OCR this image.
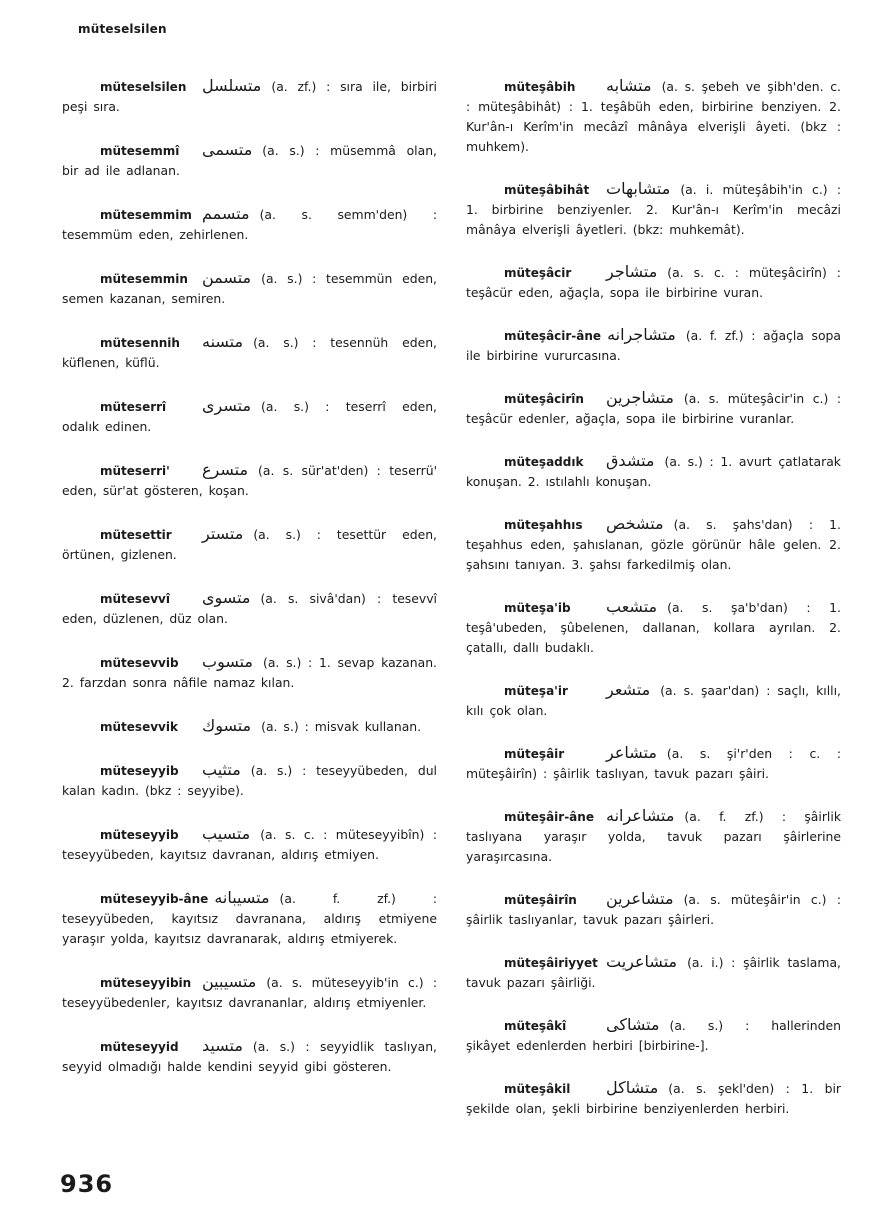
müteselsilen

müteselsilen متسلسل (a. zf.) : sıra ile, birbiri peşi sıra.

mütesemmî متسمى (a. s.) : müsemmâ olan, bir ad ile adlanan.

mütesemmim متسمم (a. s. semm'den) : tesemmüm eden, zehirlenen.

mütesemmin متسمن (a. s.) : tesemmün eden, semen kazanan, semiren.

mütesennih متسنه (a. s.) : tesennüh eden, küflenen, küflü.

müteserrî متسرى (a. s.) : teserrî eden, odalık edinen.

müteserri' متسرع (a. s. sür'at'den) : teserrü' eden, sür'at gösteren, koşan.

mütesettir متستر (a. s.) : tesettür eden, örtünen, gizlenen.

mütesevvî متسوى (a. s. sivâ'dan) : tesevvî eden, düzlenen, düz olan.

mütesevvib متسوب (a. s.) : 1. sevap kazanan. 2. farzdan sonra nâfile namaz kılan.

mütesevvik متسوك (a. s.) : misvak kullanan.

müteseyyib متثيب (a. s.) : teseyyübeden, dul kalan kadın. (bkz : seyyibe).

müteseyyib متسيب (a. s. c. : müteseyyibîn) : teseyyübeden, kayıtsız davranan, aldırış etmiyen.

müteseyyib-âne متسيبانه (a. f. zf.) : teseyyübeden, kayıtsız davranana, aldırış etmiyene yaraşır yolda, kayıtsız davranarak, aldırış etmiyerek.

müteseyyibin متسيبين (a. s. müteseyyib'in c.) : teseyyübedenler, kayıtsız davrananlar, aldırış etmiyenler.

müteseyyid متسيد (a. s.) : seyyidlik taslıyan, seyyid olmadığı halde kendini seyyid gibi gösteren.

müteşâbih متشابه (a. s. şebeh ve şibh'den. c. : müteşâbihât) : 1. teşâbüh eden, birbirine benziyen. 2. Kur'ân-ı Kerîm'in mecâzî mânâya elverişli âyeti. (bkz : muhkem).

müteşâbihât متشابهات (a. i. müteşâbih'in c.) : 1. birbirine benziyenler. 2. Kur'ân-ı Kerîm'in mecâzi mânâya elverişli âyetleri. (bkz: muhkemât).

müteşâcir متشاجر (a. s. c. : müteşâcirîn) : teşâcür eden, ağaçla, sopa ile birbirine vuran.

müteşâcir-âne متشاجرانه (a. f. zf.) : ağaçla sopa ile birbirine vururcasına.

müteşâcirîn متشاجرين (a. s. müteşâcir'in c.) : teşâcür edenler, ağaçla, sopa ile birbirine vuranlar.

müteşaddık متشدق (a. s.) : 1. avurt çatlatarak konuşan. 2. ıstılahlı konuşan.

müteşahhıs متشخص (a. s. şahs'dan) : 1. teşahhus eden, şahıslanan, gözle görünür hâle gelen. 2. şahsını tanıyan. 3. şahsı farkedilmiş olan.

müteşa'ib متشعب (a. s. şa'b'dan) : 1. teşâ'ubeden, şûbelenen, dallanan, kollara ayrılan. 2. çatallı, dallı budaklı.

müteşa'ir متشعر (a. s. şaar'dan) : saçlı, kıllı, kılı çok olan.

müteşâir	متشاعر (a. s. şi'r'den : c. : müteşâirîn) : şâirlik taslıyan, tavuk pazarı şâiri.

müteşâir-âne متشاعرانه (a. f. zf.) : şâirlik taslıyana yaraşır yolda, tavuk pazarı şâirlerine yaraşırcasına.

müteşâirîn متشاعرين (a. s. müteşâir'in c.) : şâirlik taslıyanlar, tavuk pazarı şâirleri.

müteşâiriyyet متشاعريت (a. i.) : şâirlik taslama, tavuk pazarı şâirliği.

müteşâkî متشاكى (a. s.) : hallerinden şikâyet edenlerden herbiri [birbirine-].

müteşâkil متشاكل (a. s. şekl'den) : 1. bir şekilde olan, şekli birbirine benziyenlerden herbiri.

936
